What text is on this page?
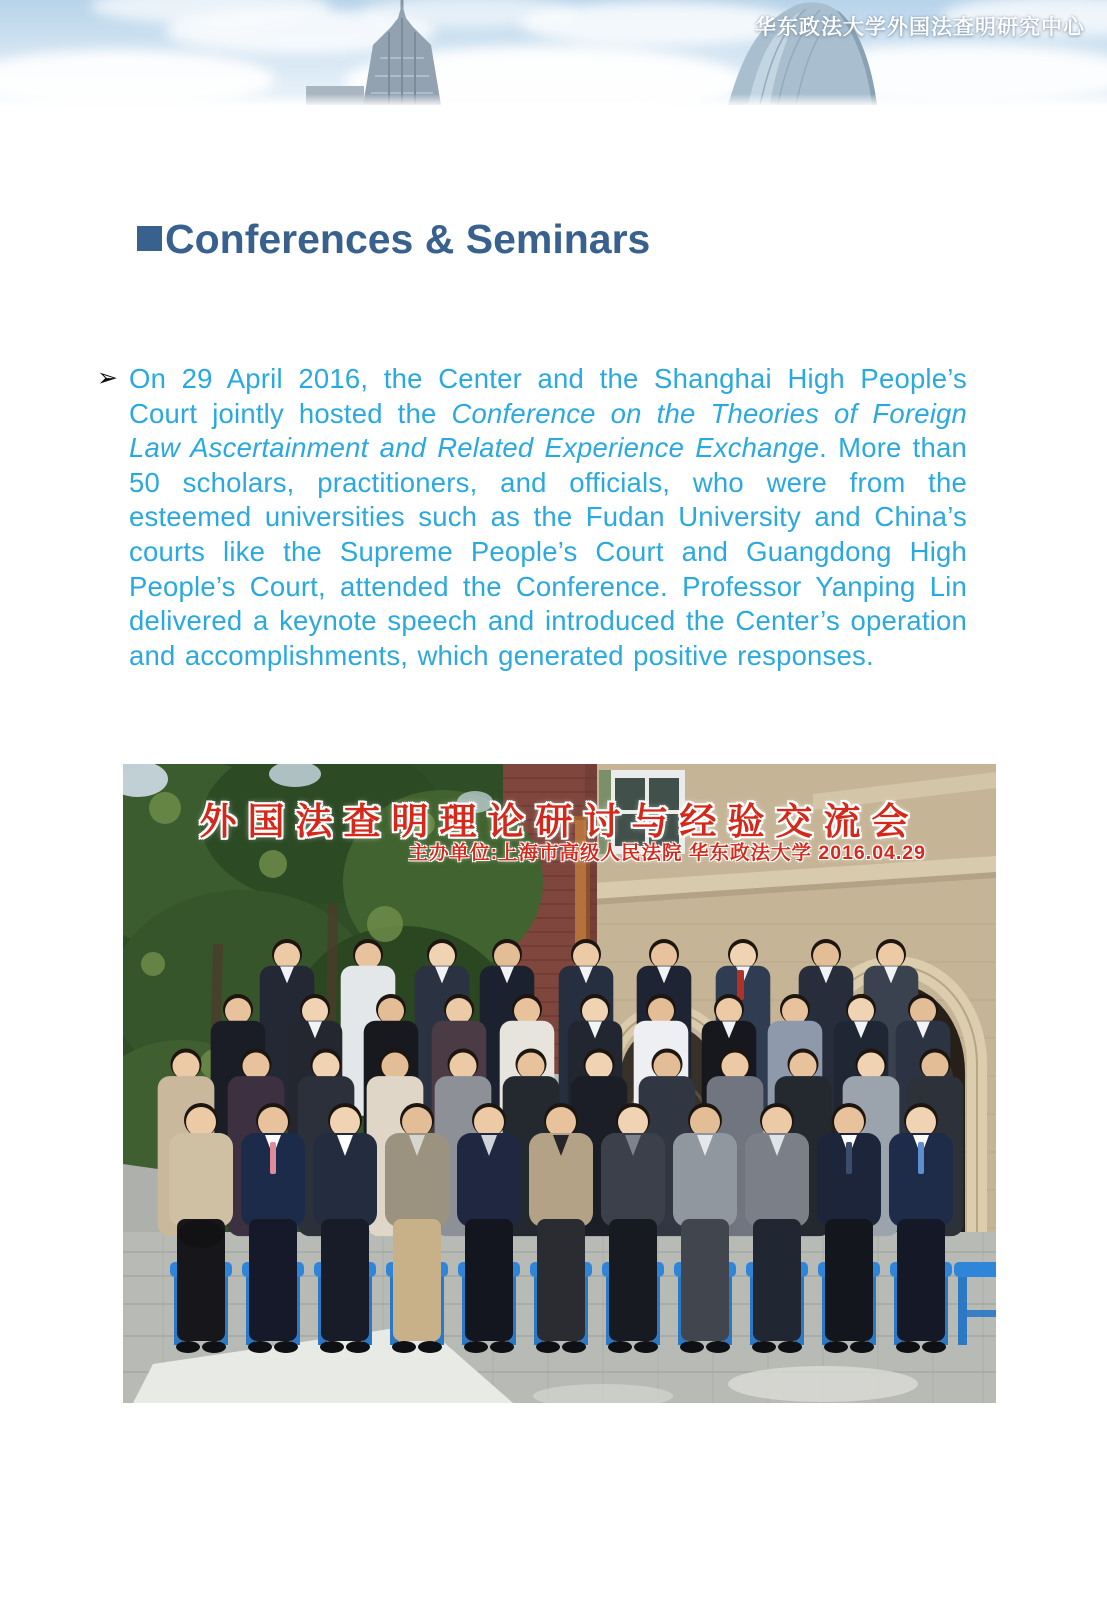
华东政法大学外国法查明研究中心
Conferences & Seminars
➢ On 29 April 2016, the Center and the Shanghai High People’s Court jointly hosted the Conference on the Theories of Foreign Law Ascertainment and Related Experience Exchange. More than 50 scholars, practitioners, and officials, who were from the esteemed universities such as the Fudan University and China’s courts like the Supreme People’s Court and Guangdong High People’s Court, attended the Conference. Professor Yanping Lin delivered a keynote speech and introduced the Center’s operation and accomplishments, which generated positive responses.

外国法查明理论研讨与经验交流会
主办单位:上海市高级人民法院 华东政法大学 2016.04.29
